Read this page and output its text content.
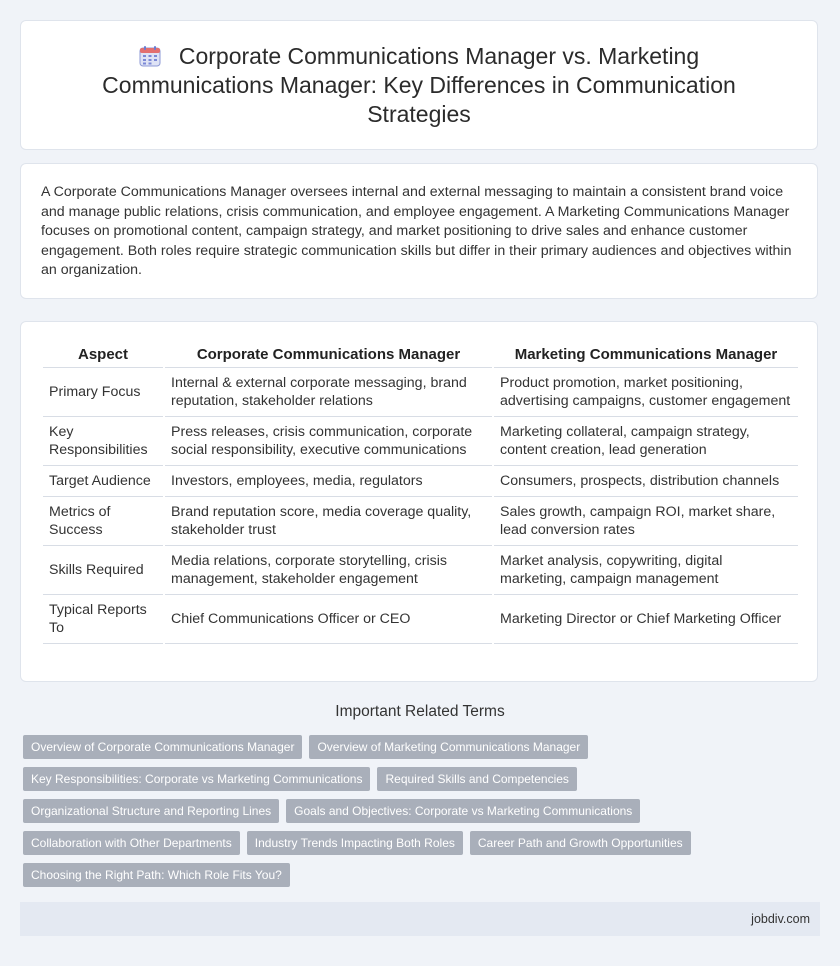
Corporate Communications Manager vs. Marketing Communications Manager: Key Differences in Communication Strategies

A Corporate Communications Manager oversees internal and external messaging to maintain a consistent brand voice and manage public relations, crisis communication, and employee engagement. A Marketing Communications Manager focuses on promotional content, campaign strategy, and market positioning to drive sales and enhance customer engagement. Both roles require strategic communication skills but differ in their primary audiences and objectives within an organization.

Aspect	Corporate Communications Manager	Marketing Communications Manager
Primary Focus	Internal & external corporate messaging, brand reputation, stakeholder relations	Product promotion, market positioning, advertising campaigns, customer engagement
Key Responsibilities	Press releases, crisis communication, corporate social responsibility, executive communications	Marketing collateral, campaign strategy, content creation, lead generation
Target Audience	Investors, employees, media, regulators	Consumers, prospects, distribution channels
Metrics of Success	Brand reputation score, media coverage quality, stakeholder trust	Sales growth, campaign ROI, market share, lead conversion rates
Skills Required	Media relations, corporate storytelling, crisis management, stakeholder engagement	Market analysis, copywriting, digital marketing, campaign management
Typical Reports To	Chief Communications Officer or CEO	Marketing Director or Chief Marketing Officer
Important Related Terms
Overview of Corporate Communications Manager Overview of Marketing Communications Manager
Key Responsibilities: Corporate vs Marketing Communications Required Skills and Competencies
Organizational Structure and Reporting Lines Goals and Objectives: Corporate vs Marketing Communications
Collaboration with Other Departments Industry Trends Impacting Both Roles Career Path and Growth Opportunities
Choosing the Right Path: Which Role Fits You?
jobdiv.com
